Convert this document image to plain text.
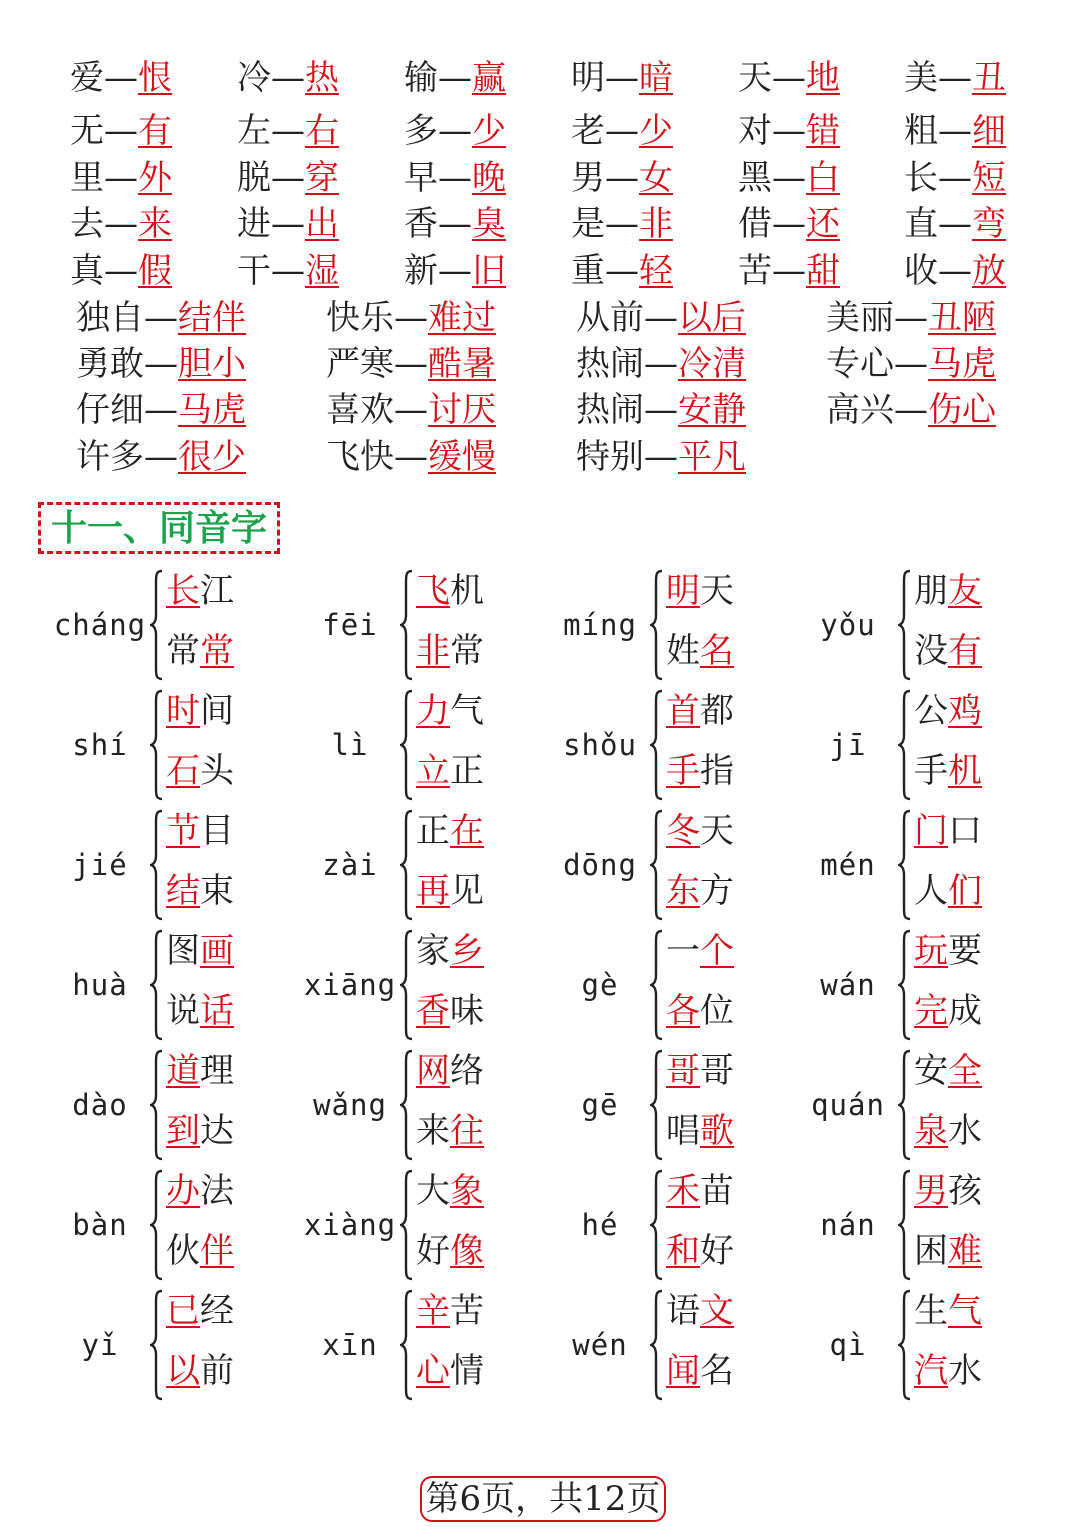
爱—恨 冷—热 输—赢 明—暗 天—地 美—丑
无—有 左—右 多—少 老—少 对—错 粗—细
里—外 脱—穿 早—晚 男—女 黑—白 长—短
去—来 进—出 香—臭 是—非 借—还 直—弯
真—假 干—湿 新—旧 重—轻 苦—甜 收—放
独自—结伴 快乐—难过 从前—以后 美丽—丑陋
勇敢—胆小 严寒—酷暑 热闹—冷清 专心—马虎
仔细—马虎 喜欢—讨厌 热闹—安静 高兴—伤心
许多—很少 飞快—缓慢 特别—平凡
十一、同音字
cháng
长江
常常
fēi
飞机
非常
míng
明天
姓名
yǒu
朋友
没有
shí
时间
石头
lì
力气
立正
shǒu
首都
手指
jī
公鸡
手机
jié
节目
结束
zài
正在
再见
dōng
冬天
东方
mén
门口
人们
huà
图画
说话
xiāng
家乡
香味
gè
一个
各位
wán
玩要
完成
dào
道理
到达
wǎng
网络
来往
gē
哥哥
唱歌
quán
安全
泉水
bàn
办法
伙伴
xiàng
大象
好像
hé
禾苗
和好
nán
男孩
困难
yǐ
已经
以前
xīn
辛苦
心情
wén
语文
闻名
qì
生气
汽水
第6页，共12页
